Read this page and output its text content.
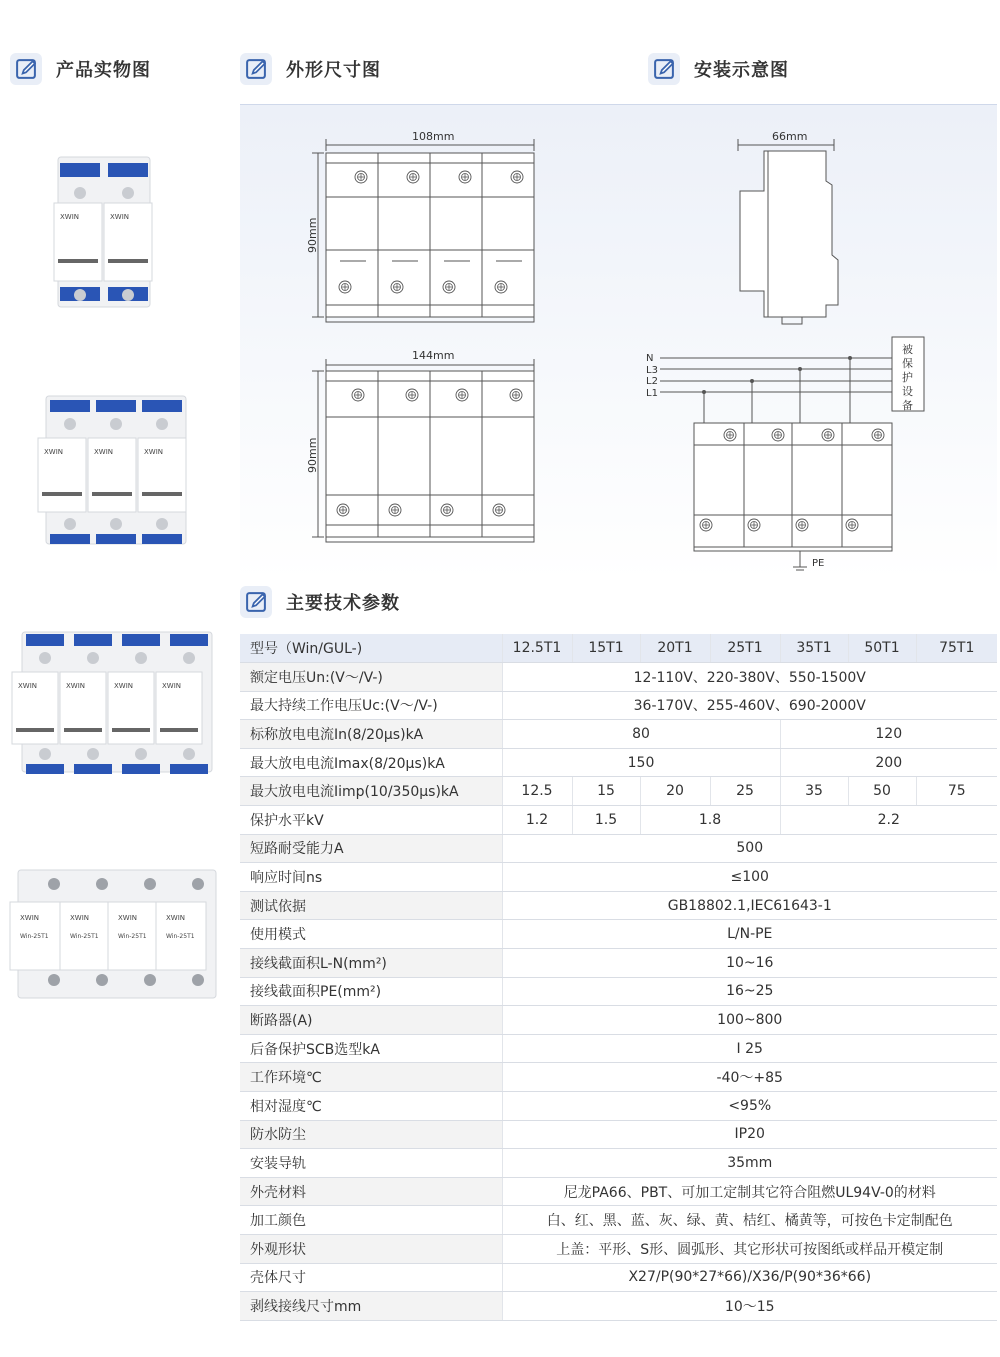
产品实物图	外形尺寸图	安装示意图
主要技术参数
XWIN	XWIN
XWIN	XWIN	XWIN
XWIN	XWIN	XWIN	XWIN
XWIN	XWIN	XWIN	XWIN
Win-25T1	Win-25T1	Win-25T1	Win-25T1
108mm
90mm
66mm
144mm
90mm
N
L3
L2
L1
被
保
护
设
备
PE
型号（Win/GUL-)	12.5T1	15T1	20T1	25T1	35T1	50T1	75T1
额定电压Un:(V～/V-)	12-110V、220-380V、550-1500V						
最大持续工作电压Uc:(V～/V-)	36-170V、255-460V、690-2000V						
标称放电电流In(8/20μs)kA	80				120		
最大放电电流Imax(8/20μs)kA	150				200		
最大放电电流Iimp(10/350μs)kA	12.5	15	20	25	35	50	75
保护水平kV	1.2	1.5	1.8		2.2		
短路耐受能力A	500						
响应时间ns	≤100						
测试依据	GB18802.1,IEC61643-1						
使用模式	L/N-PE						
接线截面积L-N(mm²)	10~16						
接线截面积PE(mm²)	16~25						
断路器(A)	100~800						
后备保护SCB选型kA	I 25						
工作环境℃	-40～+85						
相对湿度℃	<95%						
防水防尘	IP20						
安装导轨	35mm						
外壳材料	尼龙PA66、PBT、可加工定制其它符合阻燃UL94V-0的材料						
加工颜色	白、红、黑、蓝、灰、绿、黄、桔红、橘黄等，可按色卡定制配色						
外观形状	上盖：平形、S形、圆弧形、其它形状可按图纸或样品开模定制						
壳体尺寸	X27/P(90*27*66)/X36/P(90*36*66)						
剥线接线尺寸mm	10～15						
